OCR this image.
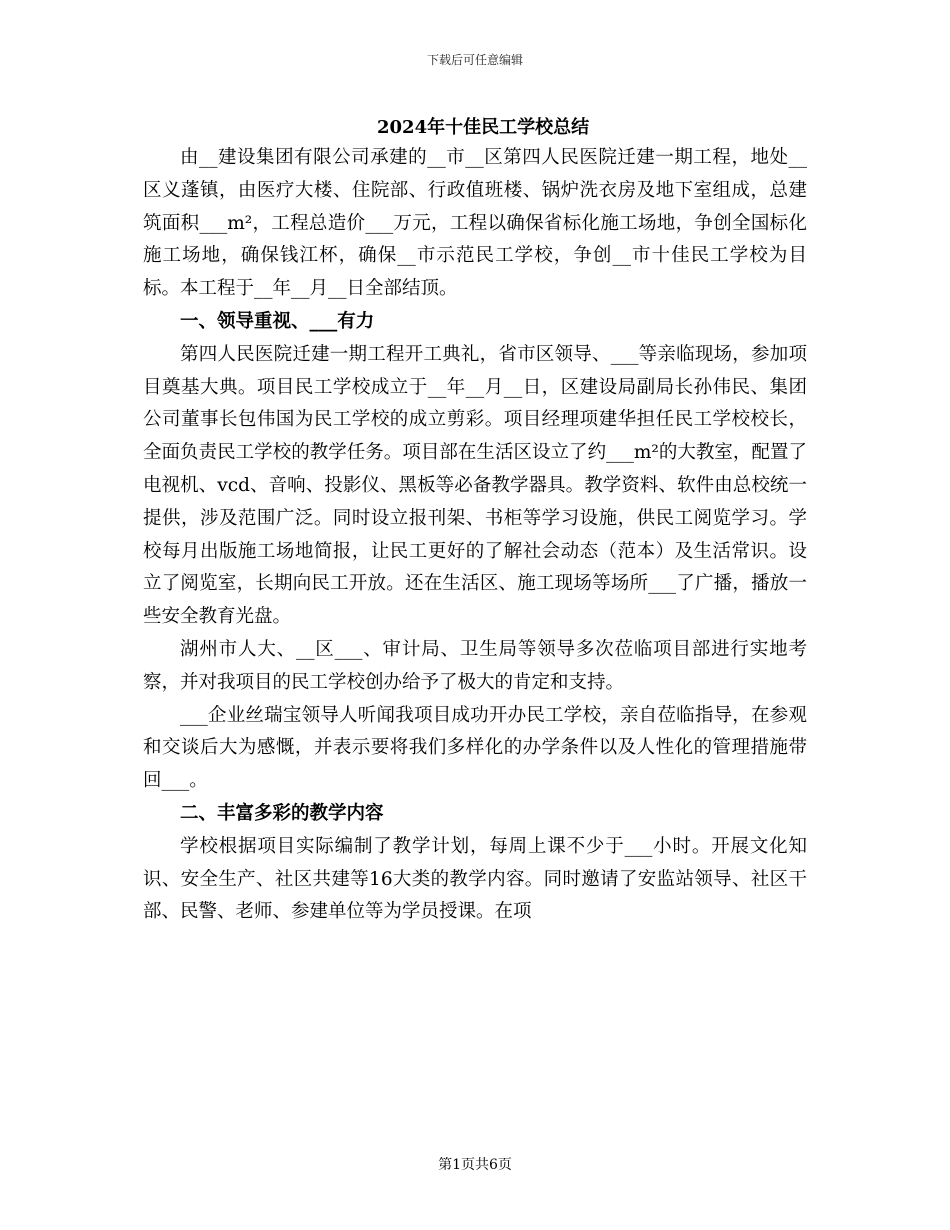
下载后可任意编辑
2024年十佳民工学校总结

由__建设集团有限公司承建的__市__区第四人民医院迁建一期工程，地处__区义蓬镇，由医疗大楼、住院部、行政值班楼、锅炉洗衣房及地下室组成，总建筑面积___m²，工程总造价___万元，工程以确保省标化施工场地，争创全国标化施工场地，确保钱江杯，确保__市示范民工学校，争创__市十佳民工学校为目标。本工程于__年__月__日全部结顶。

一、领导重视、___有力

第四人民医院迁建一期工程开工典礼，省市区领导、___等亲临现场，参加项目奠基大典。项目民工学校成立于__年__月__日，区建设局副局长孙伟民、集团公司董事长包伟国为民工学校的成立剪彩。项目经理项建华担任民工学校校长，全面负责民工学校的教学任务。项目部在生活区设立了约___m²的大教室，配置了电视机、vcd、音响、投影仪、黑板等必备教学器具。教学资料、软件由总校统一提供，涉及范围广泛。同时设立报刊架、书柜等学习设施，供民工阅览学习。学校每月出版施工场地简报，让民工更好的了解社会动态（范本）及生活常识。设立了阅览室，长期向民工开放。还在生活区、施工现场等场所___了广播，播放一些安全教育光盘。

湖州市人大、__区___、审计局、卫生局等领导多次莅临项目部进行实地考察，并对我项目的民工学校创办给予了极大的肯定和支持。

___企业丝瑞宝领导人听闻我项目成功开办民工学校，亲自莅临指导，在参观和交谈后大为感慨，并表示要将我们多样化的办学条件以及人性化的管理措施带回___。

二、丰富多彩的教学内容

学校根据项目实际编制了教学计划，每周上课不少于___小时。开展文化知识、安全生产、社区共建等16大类的教学内容。同时邀请了安监站领导、社区干部、民警、老师、参建单位等为学员授课。在项

第1页共6页
